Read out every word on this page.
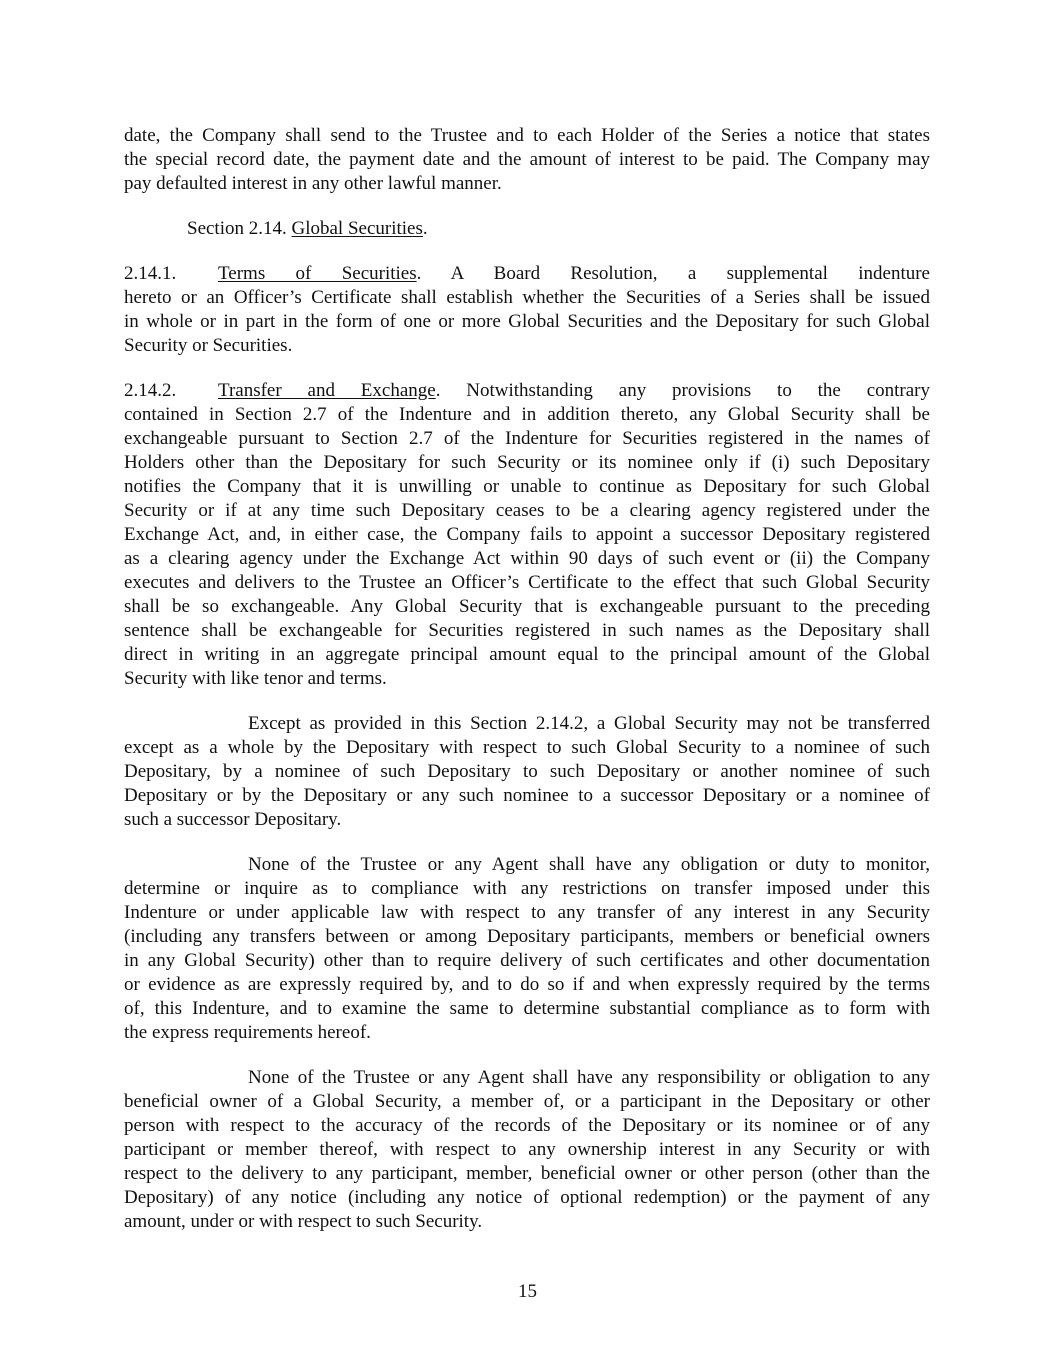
date, the Company shall send to the Trustee and to each Holder of the Series a notice that states
the special record date, the payment date and the amount of interest to be paid. The Company may
pay defaulted interest in any other lawful manner.
Section 2.14. Global Securities.
2.14.1.	Terms of Securities. A Board Resolution, a supplemental indenture
hereto or an Officer’s Certificate shall establish whether the Securities of a Series shall be issued
in whole or in part in the form of one or more Global Securities and the Depositary for such Global
Security or Securities.
2.14.2.	Transfer and Exchange. Notwithstanding any provisions to the contrary
contained in Section 2.7 of the Indenture and in addition thereto, any Global Security shall be
exchangeable pursuant to Section 2.7 of the Indenture for Securities registered in the names of
Holders other than the Depositary for such Security or its nominee only if (i) such Depositary
notifies the Company that it is unwilling or unable to continue as Depositary for such Global
Security or if at any time such Depositary ceases to be a clearing agency registered under the
Exchange Act, and, in either case, the Company fails to appoint a successor Depositary registered
as a clearing agency under the Exchange Act within 90 days of such event or (ii) the Company
executes and delivers to the Trustee an Officer’s Certificate to the effect that such Global Security
shall be so exchangeable. Any Global Security that is exchangeable pursuant to the preceding
sentence shall be exchangeable for Securities registered in such names as the Depositary shall
direct in writing in an aggregate principal amount equal to the principal amount of the Global
Security with like tenor and terms.
Except as provided in this Section 2.14.2, a Global Security may not be transferred
except as a whole by the Depositary with respect to such Global Security to a nominee of such
Depositary, by a nominee of such Depositary to such Depositary or another nominee of such
Depositary or by the Depositary or any such nominee to a successor Depositary or a nominee of
such a successor Depositary.
None of the Trustee or any Agent shall have any obligation or duty to monitor,
determine or inquire as to compliance with any restrictions on transfer imposed under this
Indenture or under applicable law with respect to any transfer of any interest in any Security
(including any transfers between or among Depositary participants, members or beneficial owners
in any Global Security) other than to require delivery of such certificates and other documentation
or evidence as are expressly required by, and to do so if and when expressly required by the terms
of, this Indenture, and to examine the same to determine substantial compliance as to form with
the express requirements hereof.
None of the Trustee or any Agent shall have any responsibility or obligation to any
beneficial owner of a Global Security, a member of, or a participant in the Depositary or other
person with respect to the accuracy of the records of the Depositary or its nominee or of any
participant or member thereof, with respect to any ownership interest in any Security or with
respect to the delivery to any participant, member, beneficial owner or other person (other than the
Depositary) of any notice (including any notice of optional redemption) or the payment of any
amount, under or with respect to such Security.
15
